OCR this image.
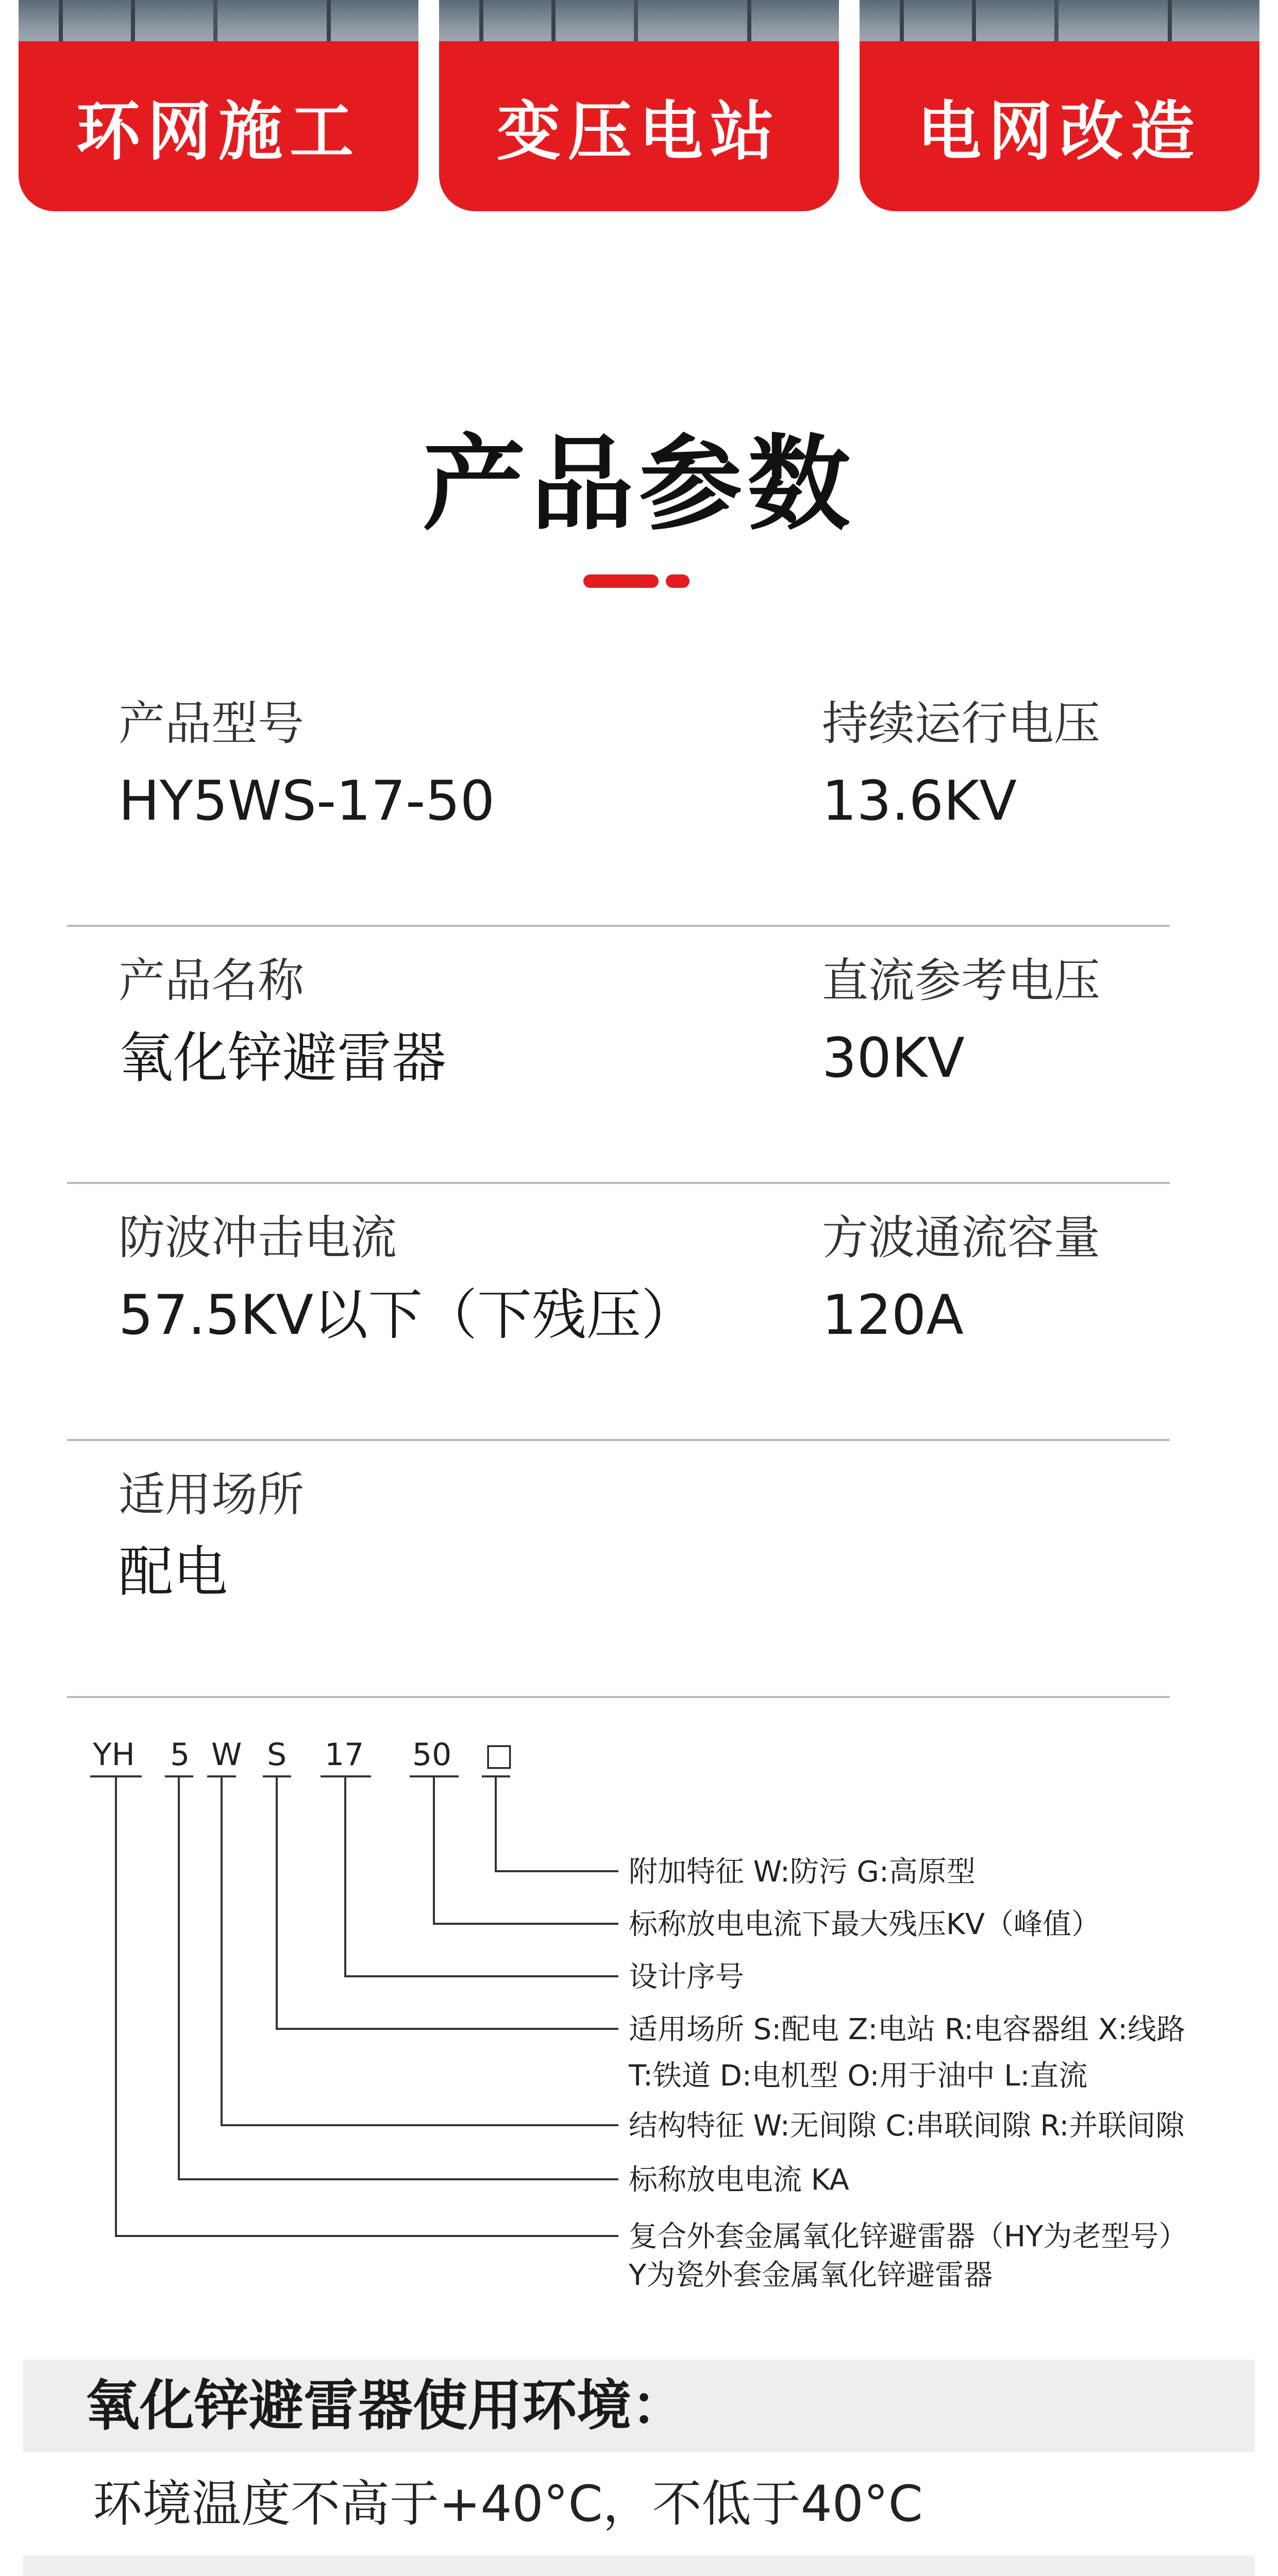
环网施工 变压电站 电网改造
产品参数
产品型号
HY5WS-17-50
持续运行电压
13.6KV
产品名称
氧化锌避雷器
直流参考电压
30KV
防波冲击电流
57.5KV以下（下残压）
方波通流容量
120A
适用场所
配电
YH 5 W S 17 50 □
附加特征 W:防污 G:高原型
标称放电电流下最大残压KV（峰值）
设计序号
适用场所 S:配电 Z:电站 R:电容器组 X:线路
T:铁道 D:电机型 O:用于油中 L:直流
结构特征 W:无间隙 C:串联间隙 R:并联间隙
标称放电电流 KA
复合外套金属氧化锌避雷器（HY为老型号）
Y为瓷外套金属氧化锌避雷器
氧化锌避雷器使用环境：
环境温度不高于+40°C，不低于40°C
